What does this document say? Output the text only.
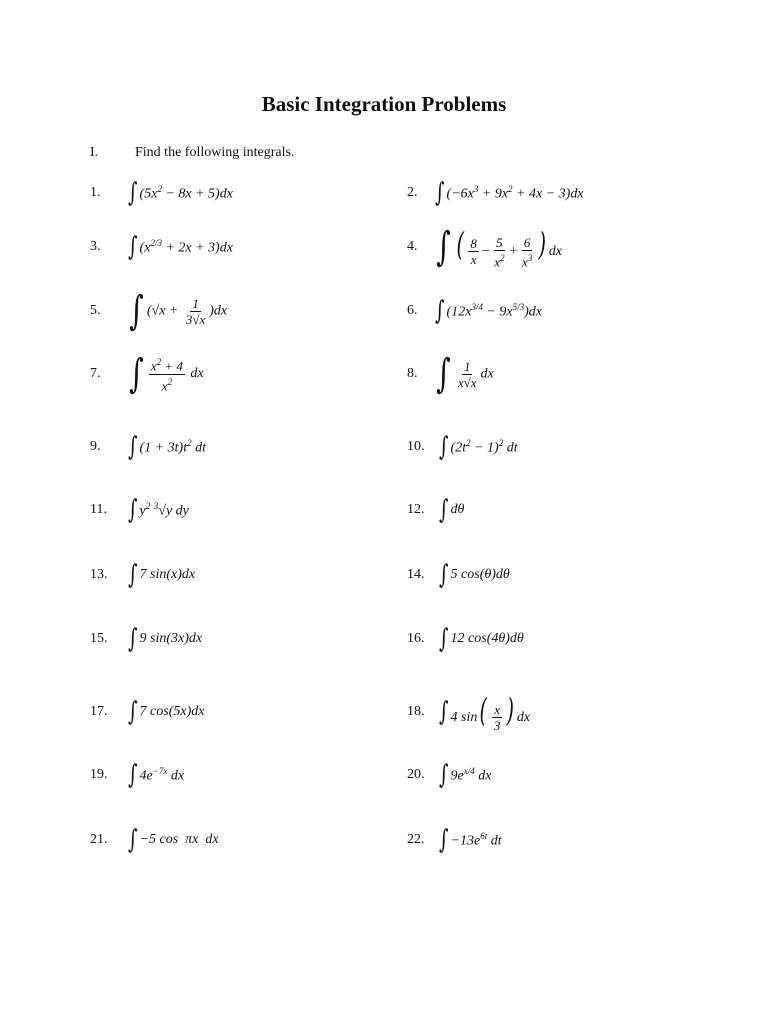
Basic Integration Problems
I.	Find the following integrals.
1. ∫ $(5x^2 - 8x + 5)dx$
3. ∫ $(x^{2/3} + 2x + 3)dx$
5. ∫ $(√x + \frac{1}{3√x} )dx$
7. ∫ $\frac{x^2 + 4}{x^2}$ dx
9. ∫ $(1 + 3t)t^2$ dt
11. ∫ $y^2$ $^3$√y dy
13. ∫ 7 sin(x)dx
15. ∫ 9 sin(3x)dx
17. ∫ 7 cos(5x)dx
19. ∫ $4e^{-7x}$ dx
21. ∫ −5 cos  πx  dx
2. ∫ $(-6x^3 + 9x^2 + 4x - 3)dx$
4. ∫ ( $\frac{8}{x} - \frac{5}{x^2} + \frac{6}{x^3}$ ) dx
6. ∫ $(12x^{3/4} - 9x^{5/3})dx$
8. ∫ $\frac{1}{x√x}$ dx
10. ∫ $(2t^2 - 1)^2$ dt
12. ∫ dθ
14. ∫ 5 cos(θ)dθ
16. ∫ 12 cos(4θ)dθ
18. ∫ 4 $\sin( \frac{x}{3}$ ) dx
20. ∫ $9e^{x/4}$ dx
22. ∫ $-13e^{6t}$ dt
